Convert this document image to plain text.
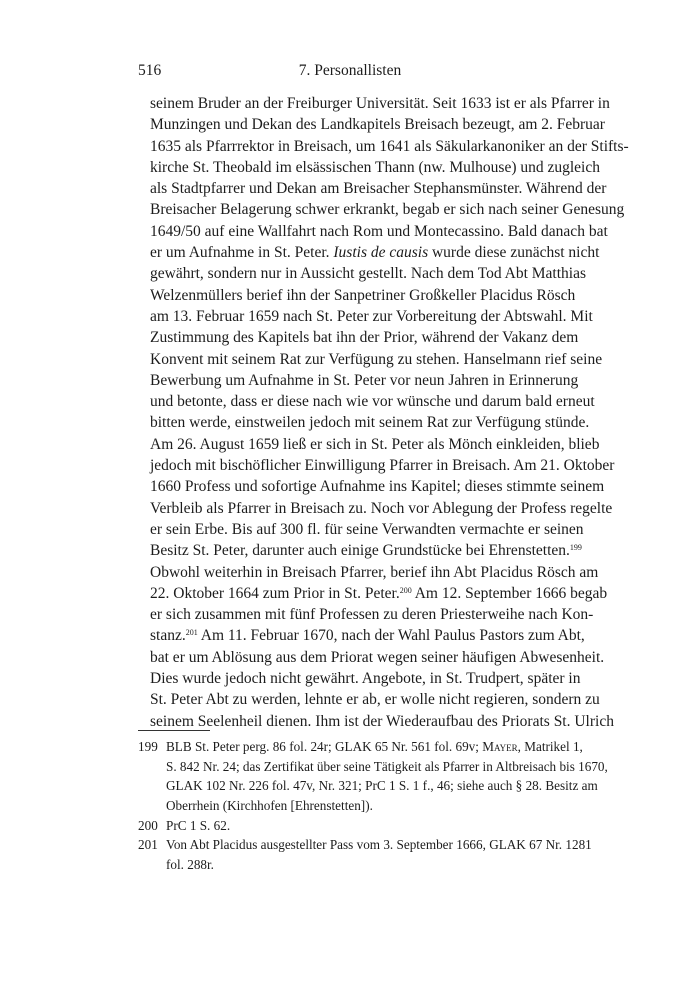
516	7. Personallisten
seinem Bruder an der Freiburger Universität. Seit 1633 ist er als Pfarrer in
Munzingen und Dekan des Landkapitels Breisach bezeugt, am 2. Februar
1635 als Pfarrrektor in Breisach, um 1641 als Säkularkanoniker an der Stifts-
kirche St. Theobald im elsässischen Thann (nw. Mulhouse) und zugleich
als Stadtpfarrer und Dekan am Breisacher Stephansmünster. Während der
Breisacher Belagerung schwer erkrankt, begab er sich nach seiner Genesung
1649/50 auf eine Wallfahrt nach Rom und Montecassino. Bald danach bat
er um Aufnahme in St. Peter. Iustis de causis wurde diese zunächst nicht
gewährt, sondern nur in Aussicht gestellt. Nach dem Tod Abt Matthias
Welzenmüllers berief ihn der Sanpetriner Großkeller Placidus Rösch
am 13. Februar 1659 nach St. Peter zur Vorbereitung der Abtswahl. Mit
Zustimmung des Kapitels bat ihn der Prior, während der Vakanz dem
Konvent mit seinem Rat zur Verfügung zu stehen. Hanselmann rief seine
Bewerbung um Aufnahme in St. Peter vor neun Jahren in Erinnerung
und betonte, dass er diese nach wie vor wünsche und darum bald erneut
bitten werde, einstweilen jedoch mit seinem Rat zur Verfügung stünde.
Am 26. August 1659 ließ er sich in St. Peter als Mönch einkleiden, blieb
jedoch mit bischöflicher Einwilligung Pfarrer in Breisach. Am 21. Oktober
1660 Profess und sofortige Aufnahme ins Kapitel; dieses stimmte seinem
Verbleib als Pfarrer in Breisach zu. Noch vor Ablegung der Profess regelte
er sein Erbe. Bis auf 300 fl. für seine Verwandten vermachte er seinen
Besitz St. Peter, darunter auch einige Grundstücke bei Ehrenstetten.$^{199}$
Obwohl weiterhin in Breisach Pfarrer, berief ihn Abt Placidus Rösch am
22. Oktober 1664 zum Prior in St. Peter.$^{200}$ Am 12. September 1666 begab
er sich zusammen mit fünf Professen zu deren Priesterweihe nach Kon-
stanz.$^{201}$ Am 11. Februar 1670, nach der Wahl Paulus Pastors zum Abt,
bat er um Ablösung aus dem Priorat wegen seiner häufigen Abwesenheit.
Dies wurde jedoch nicht gewährt. Angebote, in St. Trudpert, später in
St. Peter Abt zu werden, lehnte er ab, er wolle nicht regieren, sondern zu
seinem Seelenheil dienen. Ihm ist der Wiederaufbau des Priorats St. Ulrich
199 BLB St. Peter perg. 86 fol. 24r; GLAK 65 Nr. 561 fol. 69v; Mayer, Matrikel 1,
S. 842 Nr. 24; das Zertifikat über seine Tätigkeit als Pfarrer in Altbreisach bis 1670,
GLAK 102 Nr. 226 fol. 47v, Nr. 321; PrC 1 S. 1 f., 46; siehe auch § 28. Besitz am
Oberrhein (Kirchhofen [Ehrenstetten]).
200 PrC 1 S. 62.
201 Von Abt Placidus ausgestellter Pass vom 3. September 1666, GLAK 67 Nr. 1281
fol. 288r.
